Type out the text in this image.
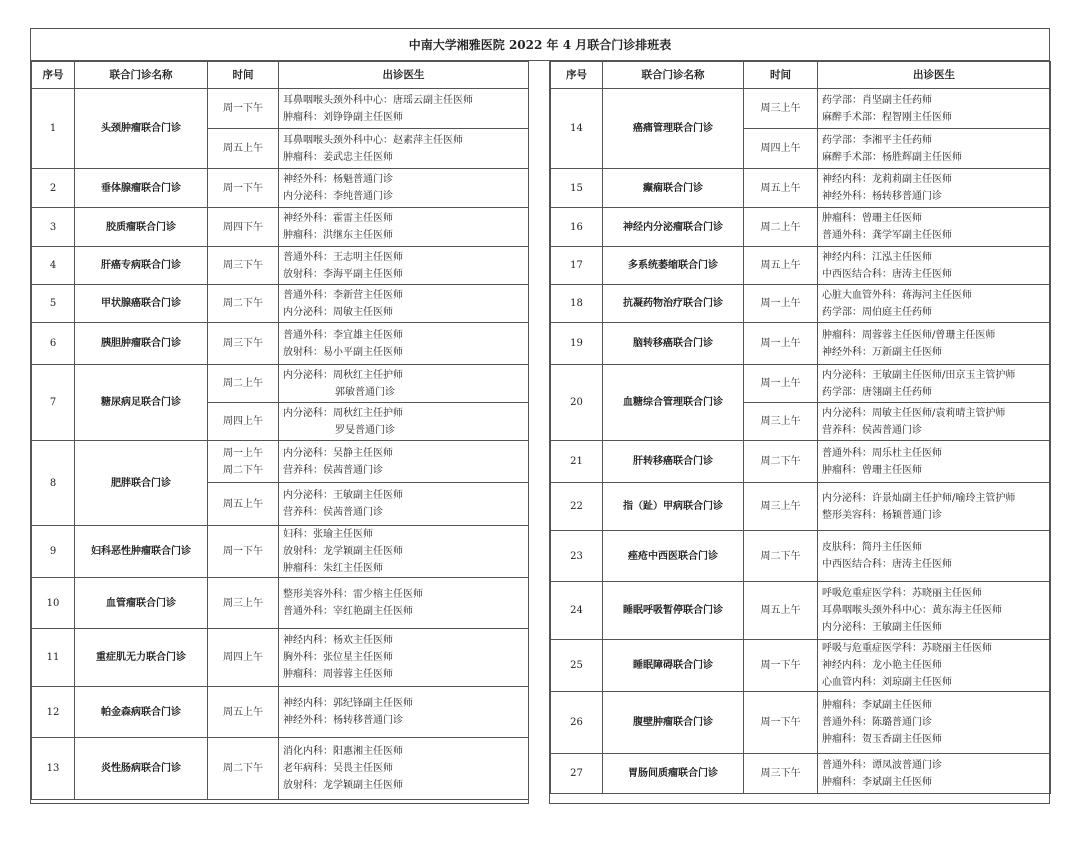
中南大学湘雅医院 2022 年 4 月联合门诊排班表
序号	联合门诊名称	时间	出诊医生
1	头颈肿瘤联合门诊	周一下午	耳鼻咽喉头颈外科中心：唐瑶云副主任医师
肿瘤科：刘铮铮副主任医师

		周五上午	耳鼻咽喉头颈外科中心：赵素萍主任医师
肿瘤科：姜武忠主任医师

2	垂体腺瘤联合门诊	周一下午	神经外科：杨魁普通门诊
内分泌科：李纯普通门诊

3	胶质瘤联合门诊	周四下午	神经外科：霍雷主任医师
肿瘤科：洪继东主任医师

4	肝癌专病联合门诊	周三下午	普通外科：王志明主任医师
放射科：李海平副主任医师

5	甲状腺癌联合门诊	周二下午	普通外科：李新营主任医师
内分泌科：周敏主任医师

6	胰胆肿瘤联合门诊	周三下午	普通外科：李宜雄主任医师
放射科：易小平副主任医师

7	糖尿病足联合门诊	周二上午	内分泌科：周秋红主任护师
郭敏普通门诊

		周四上午	内分泌科：周秋红主任护师
罗旻普通门诊

8	肥胖联合门诊	周一上午
周二下午	内分泌科：吴静主任医师
营养科：侯茜普通门诊

		周五上午	内分泌科：王敏副主任医师
营养科：侯茜普通门诊

9	妇科恶性肿瘤联合门诊	周一下午	妇科：张瑜主任医师
放射科：龙学颖副主任医师
肿瘤科：朱红主任医师

10	血管瘤联合门诊	周三上午	整形美容外科：雷少榕主任医师
普通外科：宰红艳副主任医师

11	重症肌无力联合门诊	周四上午	神经内科：杨欢主任医师
胸外科：张位星主任医师
肿瘤科：周蓉蓉主任医师

12	帕金森病联合门诊	周五上午	神经内科：郭纪锋副主任医师
神经外科：杨转移普通门诊

13	炎性肠病联合门诊	周二下午	消化内科：阳惠湘主任医师
老年病科：吴畏主任医师
放射科：龙学颖副主任医师
序号	联合门诊名称	时间	出诊医生
14	癌痛管理联合门诊	周三上午	药学部：肖坚副主任药师
麻醉手术部：程智刚主任医师

		周四上午	药学部：李湘平主任药师
麻醉手术部：杨胜辉副主任医师

15	癫痫联合门诊	周五上午	神经内科：龙莉莉副主任医师
神经外科：杨转移普通门诊

16	神经内分泌瘤联合门诊	周二上午	肿瘤科：曾珊主任医师
普通外科：龚学军副主任医师

17	多系统萎缩联合门诊	周五上午	神经内科：江泓主任医师
中西医结合科：唐涛主任医师

18	抗凝药物治疗联合门诊	周一上午	心脏大血管外科：蒋海河主任医师
药学部：周伯庭主任药师

19	脑转移癌联合门诊	周一上午	肿瘤科：周蓉蓉主任医师/曾珊主任医师
神经外科：万新副主任医师

20	血糖综合管理联合门诊	周一上午	内分泌科：王敏副主任医师/田京玉主管护师
药学部：唐翎副主任药师

		周三上午	内分泌科：周敏主任医师/袁莉晴主管护师
营养科：侯茜普通门诊

21	肝转移癌联合门诊	周二下午	普通外科：周乐杜主任医师
肿瘤科：曾珊主任医师

22	指（趾）甲病联合门诊	周三上午	内分泌科：许景灿副主任护师/喻玲主管护师
整形美容科：杨颖普通门诊

23	痤疮中西医联合门诊	周二下午	皮肤科：简丹主任医师
中西医结合科：唐涛主任医师

24	睡眠呼吸暂停联合门诊	周五上午	呼吸危重症医学科：苏晓丽主任医师
耳鼻咽喉头颈外科中心：黄东海主任医师
内分泌科：王敏副主任医师

25	睡眠障碍联合门诊	周一下午	呼吸与危重症医学科：苏晓丽主任医师
神经内科：龙小艳主任医师
心血管内科：刘琼副主任医师

26	腹壁肿瘤联合门诊	周一下午	肿瘤科：李斌副主任医师
普通外科：陈璐普通门诊
肿瘤科：贺玉香副主任医师

27	胃肠间质瘤联合门诊	周三下午	普通外科：谭凤波普通门诊
肿瘤科：李斌副主任医师
